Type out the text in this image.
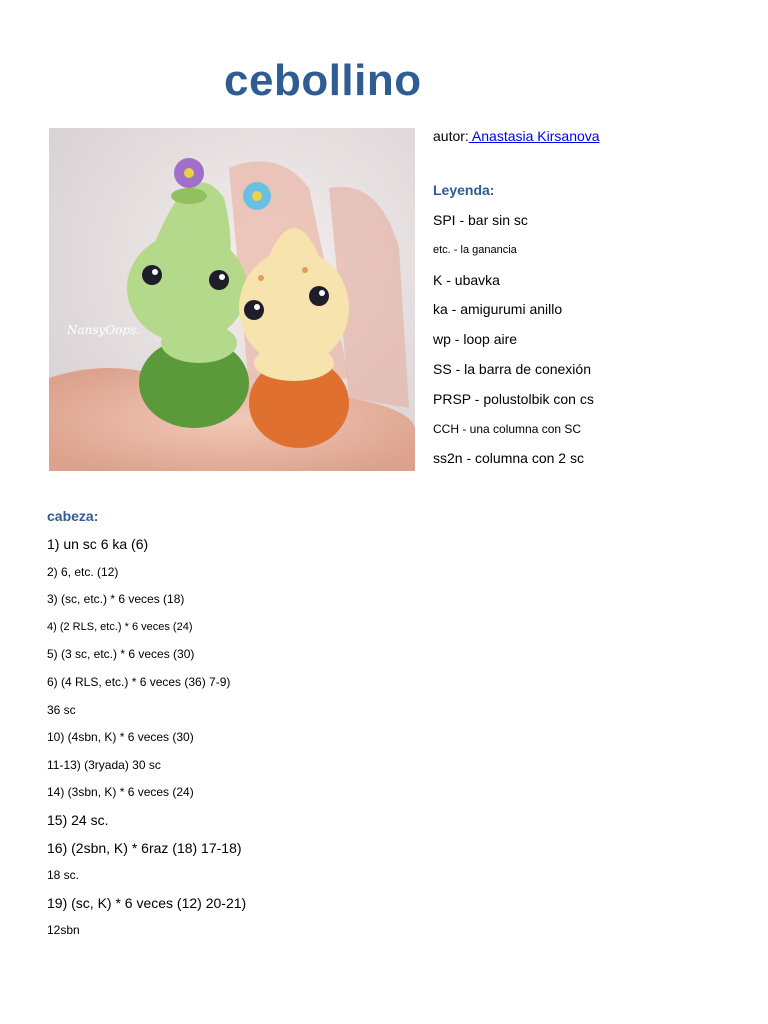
cebollino
NansyOops.
autor: Anastasia Kirsanova
Leyenda:
SPI - bar sin sc
etc. - la ganancia
K - ubavka
ka - amigurumi anillo
wp - loop aire
SS - la barra de conexión
PRSP - polustolbik con cs
CCH - una columna con SC
ss2n - columna con 2 sc
cabeza:
1) un sc 6 ka (6)
2) 6, etc. (12)
3) (sc, etc.) * 6 veces (18)
4) (2 RLS, etc.) * 6 veces (24)
5) (3 sc, etc.) * 6 veces (30)
6) (4 RLS, etc.) * 6 veces (36) 7-9)
36 sc
10) (4sbn, K) * 6 veces (30)
11-13) (3ryada) 30 sc
14) (3sbn, K) * 6 veces (24)
15) 24 sc.
16) (2sbn, K) * 6raz (18) 17-18)
18 sc.
19) (sc, K) * 6 veces (12) 20-21)
12sbn
